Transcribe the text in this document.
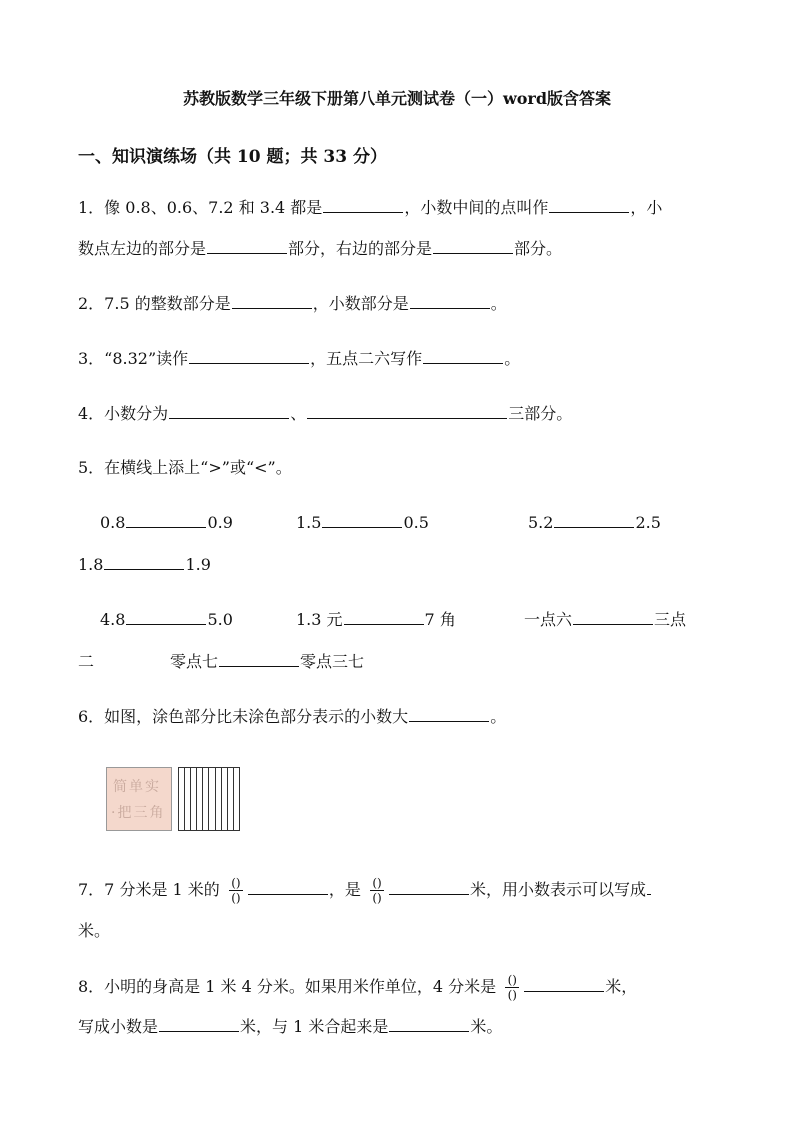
苏教版数学三年级下册第八单元测试卷（一）word版含答案
一、知识演练场（共 10 题；共 33 分）
1．像 0.8、0.6、7.2 和 3.4 都是	，小数中间的点叫作	，小
数点左边的部分是	部分，右边的部分是	部分。
2．7.5 的整数部分是	，小数部分是	。
3．“8.32”读作	，五点二六写作	。
4．小数分为	、	三部分。
5．在横线上添上“>”或“<”。
0.8	0.9	1.5	0.5	5.2	2.5
1.8	1.9
4.8	5.0	1.3 元	7 角	一点六	三点
二	零点七	零点三七
6．如图，涂色部分比未涂色部分表示的小数大	。
简单实
·把三角
7．7 分米是 1 米的 $\frac{()}{()}$	，是 $\frac{()}{()}$	米，用小数表示可以写成
米。
8．小明的身高是 1 米 4 分米。如果用米作单位，4 分米是 $\frac{()}{()}$	米，
写成小数是	米，与 1 米合起来是	米。
